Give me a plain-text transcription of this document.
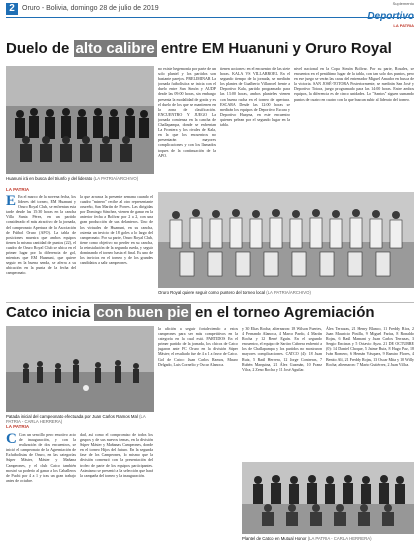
2	Oruro - Bolivia, domingo 28 de julio de 2019
Suplemento
LA PATRIA
Duelo de alto calibre entre EM Huanuni y Oruro Royal
Huanuni irá en busca del triunfo y del liderato (LA PATRIA/ARCHIVO)
no existe hegemonía por parte de un solo plantel y los partidos son bastante parejos. PRELIMINAR La jornada futbolística se inicia con el duelo entre San Simón y AUDP desde las 09:00 horas, sin embargo presenta la modalidad de gratis y es el duelo de los que se mantienen en la zona de clasificación. ENCUENTRO Y JUEGO La jornada comienza en la cancha de Challapampa, donde se enfrentan La Frontera y los rivales de Kala, en la que los encuentros no presentarán mayores complicaciones y con los llamados toques de la continuación de la APO.
tienen acciones: en el encuentro de las siete horas. KALA VS VILLARROEL En el segundo tiempo de la jornada, se medirán los plantes de Gualberto Villarroel frente a Deportivo Kala, partido programado para las 13:00 horas, ambos planteles vienen con buena racha en el torneo de apertura. ESCARA Desde las 12:00 horas se medirán los equipos de Deportivo Escara y Deportivo Huayna, en este encuentro quienes pelean por el segundo lugar en la tabla.
nivel nacional en la Copa Simón Bolívar. Por su parte, Rosales, se encuentra en el penúltimo lugar de la tabla, con tan solo dos puntos, pero en ese juego se verán las caras del entrenador Miguel Amador en busca de la victoria. SAN JOSÉ-TOTORA Posteriormente, se medirán San José y Deportivo Totora, juego programado para las 14:00 horas. Entre ambos equipos, la diferencia es de cinco unidades. Lo "Santos" siguen sumando puntos de cuatro en cuatro con la que buscan subir al liderato del torneo.
LA PATRIA
E En el marco de la novena fecha, los líderes del torneo, EM Huanuni y Oruro Royal Club, se enfrentan esta tarde desde las 15:30 horas en la cancha Villa Santa Pérez, en un partido considerado el más atractivo de la jornada, del campeonato Apertura de la Asociación de Fútbol Oruro (AFO). La tabla de posiciones muestra que ambos equipos tienen la misma cantidad de puntos (22), el cuadro de Oruro Royal Club se ubica en el primer lugar por la diferencia de gol, mientras que EM Huanuni, que quiere seguir en la buena senda, se aferra a su ubicación en la punta de la fecha del campeonato.
la que arranca la presente semana cuando el cuadro "minero" recibe al otro representante orureño, San Martín de Porres. Las dirigidas por Domingo Sánchez, vienen de ganar en la anterior fecha a Bolívar por 2 a 2, con una gran producción de sus delanteros. Uno de los virtuales de Huanuni, en su cancha, ostenta un invicto de 18 goles a lo largo del campeonato. Por su parte, Oruro Royal Club, tiene como objetivo no perder en su cancha, la reinstalación de la segunda rueda, y seguir dominando el torneo hasta el final. Es uno de los invictos en el torneo y de los grandes candidatos a salir campeones.
Oruro Royal quiere seguir como puntero del torneo local (LA PATRIA/ARCHIVO)
Catco inicia con buen pie en el torneo Agremiación
Patada inicial del campeonato efectuada por Juan Carlos Ramos Mal (LA PATRIA - CARLA HERRERA)
LA PATRIA
C Con un sencillo pero emotivo acto de inauguración, y con la realización de dos encuentros, se inició el campeonato de la Agremiación de Exfutbolistas de Oruro, en las categorías Súper Máster, Máster y Mañana Campeones, y el club Catco también mostró su poderío al ganar a los Caballeros de Puchi por 4 a 1 y tras un gran trabajo antes de octubre.
dad, así como el compromiso de todos los grupos y de sus nuevos temas, en la división Súper Máster y Mañanas Campeones, donde en el torneo Hijos del futuro. En la segunda fase de los Campeones, lo mismo que la división comenzó con la presentación del trofeo de parte de los equipos participantes. Asimismo se presentó a la selección que hará la campaña del torneo y la inauguración.
la afición a seguir fortaleciendo a estos campeones para ser más competitivos en la categoría en la cual está. PARTIDOS En el primer partido de la jornada, los chicos de Catco jugaron ante FC Oruro en la división Súper Máster; el resultado fue de 4 a 1 a favor de Catco. Gol de Catco: Juan Carlos Ramos, Mauro Delgado, Luis Cornelio y Oscar Alanoca.
y 30 Elias Rocha; alternaron: 18 Wilson Fuertes, 4 Fernando Alanoca, 4 Marco Pardo, 4 Martín Rocha y 12 René Eguín. En el segundo encuentro, el equipo de Sartiro Cabrera enfrentó a los de Challapampa y los partidos no mostraron mayores complicaciones. CATCO (4): 18 Juan Ruiz, 5 Raúl Herrera, 12 Jorge Contreras, 7 Rubén Marquina, 21 Álex Guzmán, 10 Franz Vilca, 2 Zeno Rocha y 11 José Aguilar.
Álex Terrazas, 21 Henry Blanco, 11 Freddy Ríos, 2 Juan Mauricio Pinilla, 9 Miguel Farías, 8 Ronaldo Rojas, 6 Raúl Mamani y Juan Carlos Terrazas, 3 Sergio Encinas y 5 Octavio Ayza. 21 DE OCTUBRE (0): 14 Daniel Choque, 5 Jaime Ruiz, 8 Hugo Paz, 18 Iván Romero, 6 Hernán Vásquez, 9 Ramiro Flores, 4 Benito Alí, 21 Freddy Rojas, 13 Oscar Mita y 10 Willy Rocha; alternaron: 7 Mario Gutiérrez, 2 Juan Villca.
Plantel de Catco en Mutual Honor (LA PATRIA - CARLA HERRERA)
